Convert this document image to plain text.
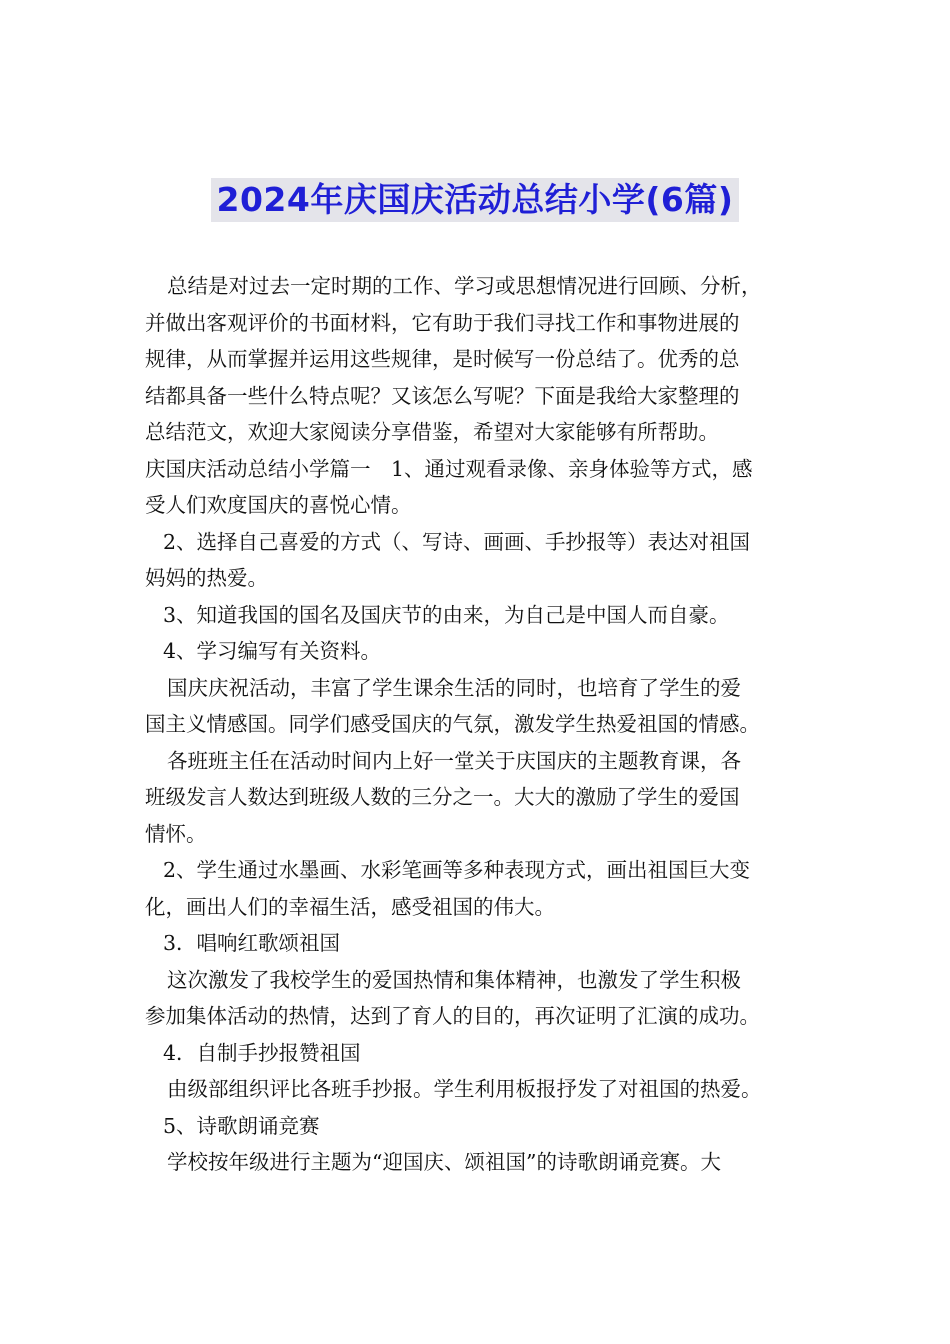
2024年庆国庆活动总结小学(6篇)
总结是对过去一定时期的工作、学习或思想情况进行回顾、分析，
并做出客观评价的书面材料，它有助于我们寻找工作和事物进展的
规律，从而掌握并运用这些规律，是时候写一份总结了。优秀的总
结都具备一些什么特点呢？又该怎么写呢？下面是我给大家整理的
总结范文，欢迎大家阅读分享借鉴，希望对大家能够有所帮助。
庆国庆活动总结小学篇一　1、通过观看录像、亲身体验等方式，感
受人们欢度国庆的喜悦心情。
2、选择自己喜爱的方式（、写诗、画画、手抄报等）表达对祖国
妈妈的热爱。
3、知道我国的国名及国庆节的由来，为自己是中国人而自豪。
4、学习编写有关资料。
国庆庆祝活动，丰富了学生课余生活的同时，也培育了学生的爱
国主义情感国。同学们感受国庆的气氛，激发学生热爱祖国的情感。
各班班主任在活动时间内上好一堂关于庆国庆的主题教育课，各
班级发言人数达到班级人数的三分之一。大大的激励了学生的爱国
情怀。
2、学生通过水墨画、水彩笔画等多种表现方式，画出祖国巨大变
化，画出人们的幸福生活，感受祖国的伟大。
3．唱响红歌颂祖国
这次激发了我校学生的爱国热情和集体精神，也激发了学生积极
参加集体活动的热情，达到了育人的目的，再次证明了汇演的成功。
4．自制手抄报赞祖国
由级部组织评比各班手抄报。学生利用板报抒发了对祖国的热爱。
5、诗歌朗诵竞赛
学校按年级进行主题为“迎国庆、颂祖国”的诗歌朗诵竞赛。大
